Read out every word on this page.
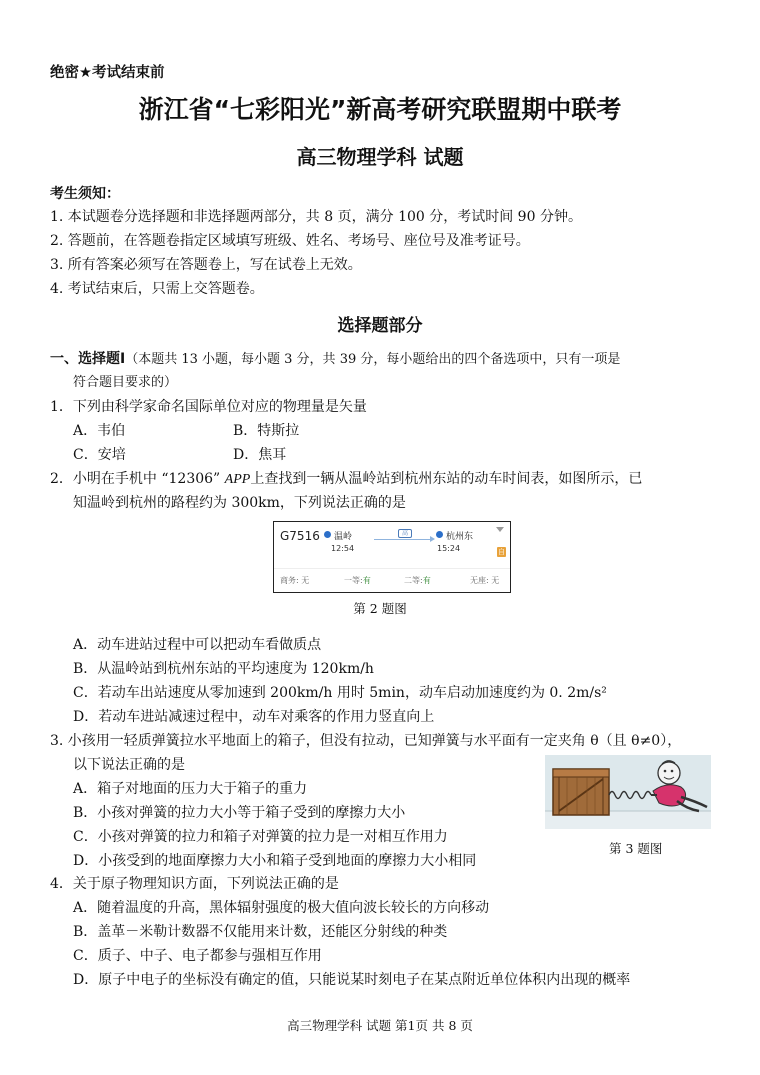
绝密★考试结束前
浙江省“七彩阳光”新高考研究联盟期中联考
高三物理学科 试题
考生须知：
1. 本试题卷分选择题和非选择题两部分，共 8 页，满分 100 分，考试时间 90 分钟。
2. 答题前，在答题卷指定区域填写班级、姓名、考场号、座位号及准考证号。
3. 所有答案必须写在答题卷上，写在试卷上无效。
4. 考试结束后，只需上交答题卷。
选择题部分
一、选择题Ⅰ（本题共 13 小题，每小题 3 分，共 39 分，每小题给出的四个备选项中，只有一项是
符合题目要求的）
1．下列由科学家命名国际单位对应的物理量是矢量
A．韦伯	B．特斯拉
C．安培	D．焦耳
2．小明在手机中 “12306” APP上查找到一辆从温岭站到杭州东站的动车时间表，如图所示，已
知温岭到杭州的路程约为 300km，下列说法正确的是
G7516 温岭
12:54
高	杭州东
15:24	自
商务: 无	一等:有	二等:有	无座: 无
第 2 题图
A．动车进站过程中可以把动车看做质点
B．从温岭站到杭州东站的平均速度为 120km/h
C．若动车出站速度从零加速到 200km/h 用时 5min，动车启动加速度约为 0. 2m/s²
D．若动车进站减速过程中，动车对乘客的作用力竖直向上
3. 小孩用一轻质弹簧拉水平地面上的箱子，但没有拉动，已知弹簧与水平面有一定夹角 θ（且 θ≠0），
以下说法正确的是
A．箱子对地面的压力大于箱子的重力
B．小孩对弹簧的拉力大小等于箱子受到的摩擦力大小
C．小孩对弹簧的拉力和箱子对弹簧的拉力是一对相互作用力
D．小孩受到的地面摩擦力大小和箱子受到地面的摩擦力大小相同
第 3 题图
4．关于原子物理知识方面，下列说法正确的是
A．随着温度的升高，黑体辐射强度的极大值向波长较长的方向移动
B．盖革－米勒计数器不仅能用来计数，还能区分射线的种类
C．质子、中子、电子都参与强相互作用
D．原子中电子的坐标没有确定的值，只能说某时刻电子在某点附近单位体积内出现的概率
高三物理学科 试题 第1页 共 8 页
